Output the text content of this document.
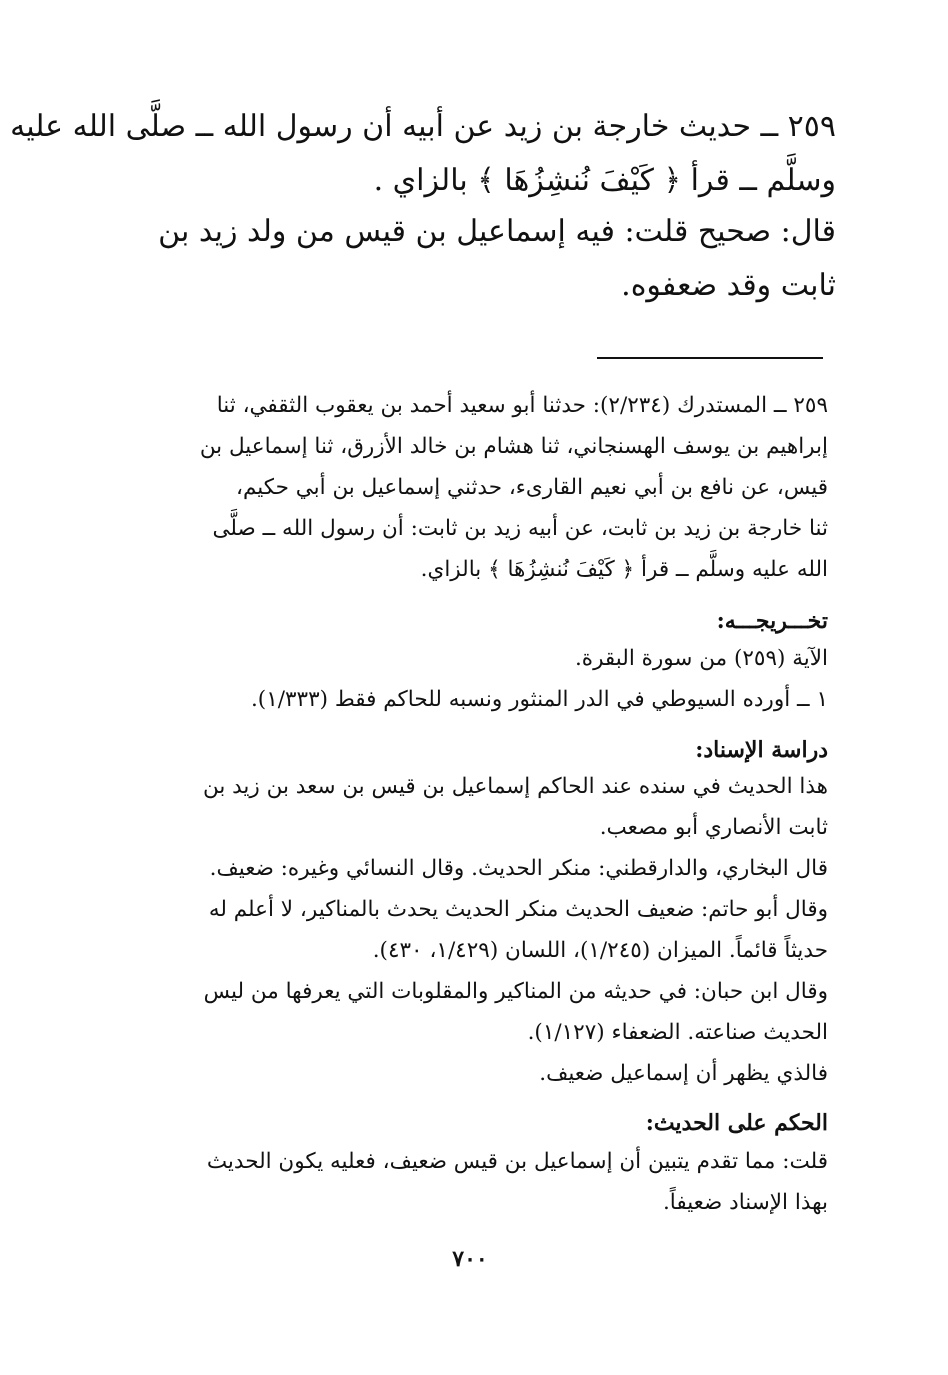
٢٥٩ ــ حديث خارجة بن زيد عن أبيه أن رسول الله ــ صلَّى الله عليه
وسلَّم ــ قرأ ﴿ كَيْفَ نُنشِزُهَا ﴾ بالزاي .
قال: صحيح قلت: فيه إسماعيل بن قيس من ولد زيد بن
ثابت وقد ضعفوه.
٢٥٩ ــ المستدرك (٢/٢٣٤): حدثنا أبو سعيد أحمد بن يعقوب الثقفي، ثنا
إبراهيم بن يوسف الهسنجاني، ثنا هشام بن خالد الأزرق، ثنا إسماعيل بن
قيس، عن نافع بن أبي نعيم القارىء، حدثني إسماعيل بن أبي حكيم،
ثنا خارجة بن زيد بن ثابت، عن أبيه زيد بن ثابت: أن رسول الله ــ صلَّى
الله عليه وسلَّم ــ قرأ ﴿ كَيْفَ نُنشِزُهَا ﴾ بالزاي.
تخـــريجـــه:
الآية (٢٥٩) من سورة البقرة.
١ ــ أورده السيوطي في الدر المنثور ونسبه للحاكم فقط (١/٣٣٣).
دراسة الإسناد:
هذا الحديث في سنده عند الحاكم إسماعيل بن قيس بن سعد بن زيد بن
ثابت الأنصاري أبو مصعب.
قال البخاري، والدارقطني: منكر الحديث. وقال النسائي وغيره: ضعيف.
وقال أبو حاتم: ضعيف الحديث منكر الحديث يحدث بالمناكير، لا أعلم له
حديثاً قائماً. الميزان (١/٢٤٥)، اللسان (١/٤٢٩، ٤٣٠).
وقال ابن حبان: في حديثه من المناكير والمقلوبات التي يعرفها من ليس
الحديث صناعته. الضعفاء (١/١٢٧).
فالذي يظهر أن إسماعيل ضعيف.
الحكم على الحديث:
قلت: مما تقدم يتبين أن إسماعيل بن قيس ضعيف، فعليه يكون الحديث
بهذا الإسناد ضعيفاً.
٧٠٠
